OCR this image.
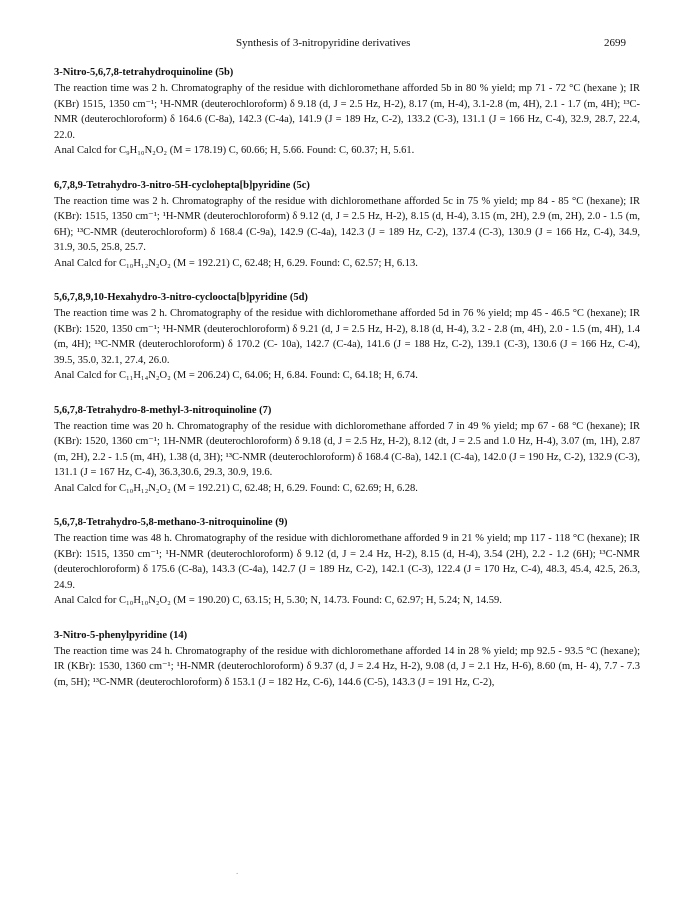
Synthesis of 3-nitropyridine derivatives	2699
3-Nitro-5,6,7,8-tetrahydroquinoline (5b)
The reaction time was 2 h. Chromatography of the residue with dichloromethane afforded 5b in 80 % yield; mp 71 - 72 °C (hexane ); IR (KBr) 1515, 1350 cm⁻¹; ¹H-NMR (deuterochloroform) δ 9.18 (d, J = 2.5 Hz, H-2), 8.17 (m, H-4), 3.1-2.8 (m, 4H), 2.1 - 1.7 (m, 4H); ¹³C-NMR (deuterochloroform) δ 164.6 (C-8a), 142.3 (C-4a), 141.9 (J = 189 Hz, C-2), 133.2 (C-3), 131.1 (J = 166 Hz, C-4), 32.9, 28.7, 22.4, 22.0.
Anal Calcd for C₉H₁₀N₂O₂ (M = 178.19) C, 60.66; H, 5.66. Found: C, 60.37; H, 5.61.
6,7,8,9-Tetrahydro-3-nitro-5H-cyclohepta[b]pyridine (5c)
The reaction time was 2 h. Chromatography of the residue with dichloromethane afforded 5c in 75 % yield; mp 84 - 85 °C (hexane); IR (KBr): 1515, 1350 cm⁻¹; ¹H-NMR (deuterochloroform) δ 9.12 (d, J = 2.5 Hz, H-2), 8.15 (d, H-4), 3.15 (m, 2H), 2.9 (m, 2H), 2.0 - 1.5 (m, 6H); ¹³C-NMR (deuterochloroform) δ 168.4 (C-9a), 142.9 (C-4a), 142.3 (J = 189 Hz, C-2), 137.4 (C-3), 130.9 (J = 166 Hz, C-4), 34.9, 31.9, 30.5, 25.8, 25.7.
Anal Calcd for C₁₀H₁₂N₂O₂ (M = 192.21) C, 62.48; H, 6.29. Found: C, 62.57; H, 6.13.
5,6,7,8,9,10-Hexahydro-3-nitro-cycloocta[b]pyridine (5d)
The reaction time was 2 h. Chromatography of the residue with dichloromethane afforded 5d in 76 % yield; mp 45 - 46.5 °C (hexane); IR (KBr): 1520, 1350 cm⁻¹; ¹H-NMR (deuterochloroform) δ 9.21 (d, J = 2.5 Hz, H-2), 8.18 (d, H-4), 3.2 - 2.8 (m, 4H), 2.0 - 1.5 (m, 4H), 1.4 (m, 4H); ¹³C-NMR (deuterochloroform) δ 170.2 (C- 10a), 142.7 (C-4a), 141.6 (J = 188 Hz, C-2), 139.1 (C-3), 130.6 (J = 166 Hz, C-4), 39.5, 35.0, 32.1, 27.4, 26.0.
Anal Calcd for C₁₁H₁₄N₂O₂ (M = 206.24) C, 64.06; H, 6.84. Found: C, 64.18; H, 6.74.
5,6,7,8-Tetrahydro-8-methyl-3-nitroquinoline (7)
The reaction time was 20 h. Chromatography of the residue with dichloromethane afforded 7 in 49 % yield; mp 67 - 68 °C (hexane); IR (KBr): 1520, 1360 cm⁻¹; 1H-NMR (deuterochloroform) δ 9.18 (d, J = 2.5 Hz, H-2), 8.12 (dt, J = 2.5 and 1.0 Hz, H-4), 3.07 (m, 1H), 2.87 (m, 2H), 2.2 - 1.5 (m, 4H), 1.38 (d, 3H); ¹³C-NMR (deuterochloroform) δ 168.4 (C-8a), 142.1 (C-4a), 142.0 (J = 190 Hz, C-2), 132.9 (C-3), 131.1 (J = 167 Hz, C-4), 36.3,30.6, 29.3, 30.9, 19.6.
Anal Calcd for C₁₀H₁₂N₂O₂ (M = 192.21) C, 62.48; H, 6.29. Found: C, 62.69; H, 6.28.
5,6,7,8-Tetrahydro-5,8-methano-3-nitroquinoline (9)
The reaction time was 48 h. Chromatography of the residue with dichloromethane afforded 9 in 21 % yield; mp 117 - 118 °C (hexane); IR (KBr): 1515, 1350 cm⁻¹; ¹H-NMR (deuterochloroform) δ 9.12 (d, J = 2.4 Hz, H-2), 8.15 (d, H-4), 3.54 (2H), 2.2 - 1.2 (6H); ¹³C-NMR (deuterochloroform) δ 175.6 (C-8a), 143.3 (C-4a), 142.7 (J = 189 Hz, C-2), 142.1 (C-3), 122.4 (J = 170 Hz, C-4), 48.3, 45.4, 42.5, 26.3, 24.9.
Anal Calcd for C₁₀H₁₀N₂O₂ (M = 190.20) C, 63.15; H, 5.30; N, 14.73. Found: C, 62.97; H, 5.24; N, 14.59.
3-Nitro-5-phenylpyridine (14)
The reaction time was 24 h. Chromatography of the residue with dichloromethane afforded 14 in 28 % yield; mp 92.5 - 93.5 °C (hexane); IR (KBr): 1530, 1360 cm⁻¹; ¹H-NMR (deuterochloroform) δ 9.37 (d, J = 2.4 Hz, H-2), 9.08 (d, J = 2.1 Hz, H-6), 8.60 (m, H- 4), 7.7 - 7.3 (m, 5H); ¹³C-NMR (deuterochloroform) δ 153.1 (J = 182 Hz, C-6), 144.6 (C-5), 143.3 (J = 191 Hz, C-2),
.
